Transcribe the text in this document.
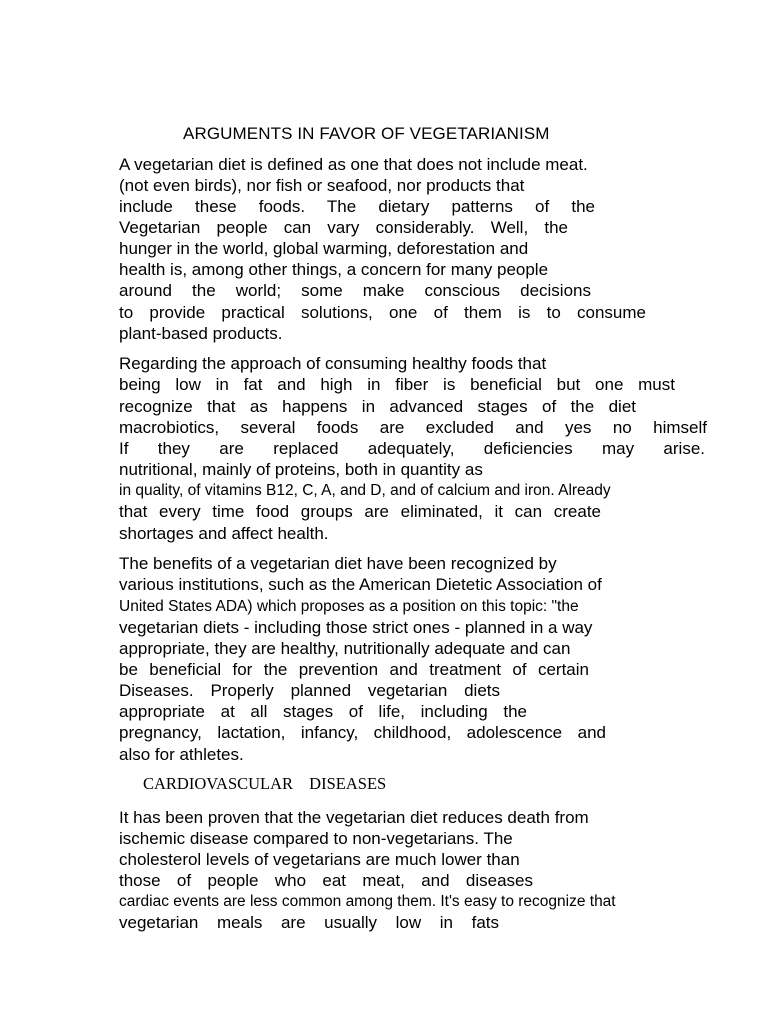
ARGUMENTS IN FAVOR OF VEGETARIANISM
A vegetarian diet is defined as one that does not include meat.
(not even birds), nor fish or seafood, nor products that
include these foods. The dietary patterns of the
Vegetarian people can vary considerably. Well, the
hunger in the world, global warming, deforestation and
health is, among other things, a concern for many people
around the world; some make conscious decisions
to provide practical solutions, one of them is to consume
plant-based products.
Regarding the approach of consuming healthy foods that
being low in fat and high in fiber is beneficial but one must
recognize that as happens in advanced stages of the diet
macrobiotics, several foods are excluded and yes no himself
If they are replaced adequately, deficiencies may arise.
nutritional, mainly of proteins, both in quantity as
in quality, of vitamins B12, C, A, and D, and of calcium and iron. Already
that every time food groups are eliminated, it can create
shortages and affect health.
The benefits of a vegetarian diet have been recognized by
various institutions, such as the American Dietetic Association of
United States ADA) which proposes as a position on this topic: "the
vegetarian diets - including those strict ones - planned in a way
appropriate, they are healthy, nutritionally adequate and can
be beneficial for the prevention and treatment of certain
Diseases. Properly planned vegetarian diets
appropriate at all stages of life, including the
pregnancy, lactation, infancy, childhood, adolescence and
also for athletes.
CARDIOVASCULAR DISEASES
It has been proven that the vegetarian diet reduces death from
ischemic disease compared to non-vegetarians. The
cholesterol levels of vegetarians are much lower than
those of people who eat meat, and diseases
cardiac events are less common among them. It's easy to recognize that
vegetarian meals are usually low in fats
